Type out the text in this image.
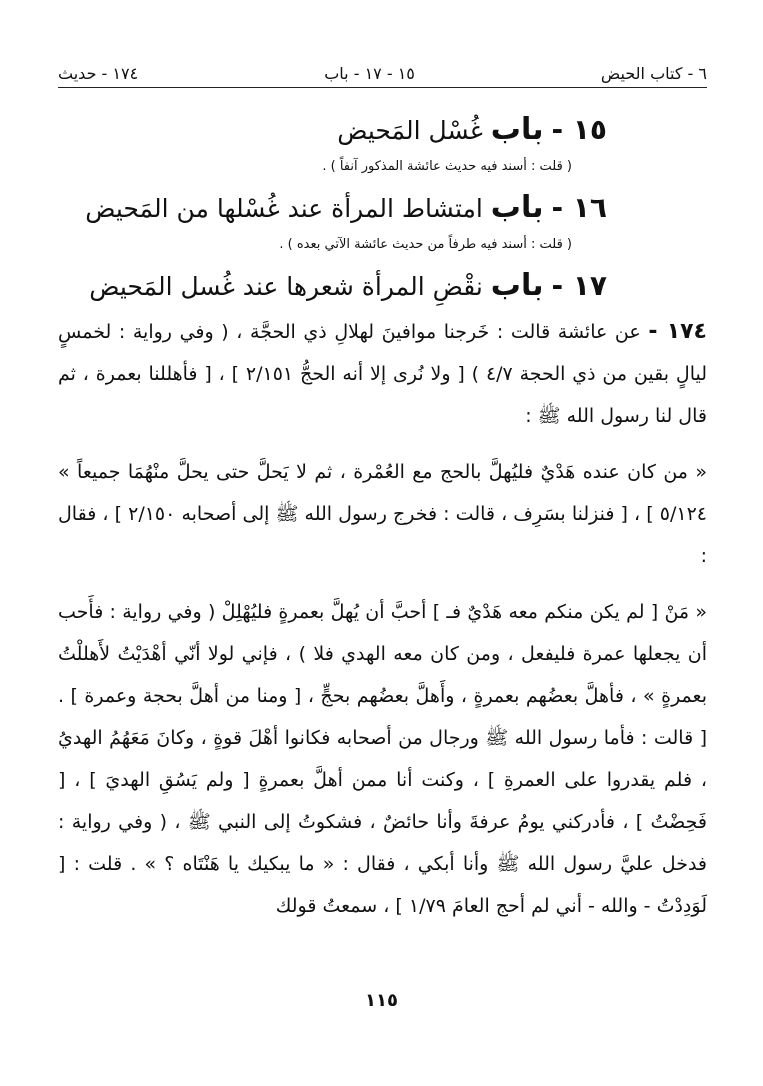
٦ - كتاب الحيض
١٥ - ١٧ - باب
١٧٤ - حديث
١٥ - باب غُسْل المَحيض

( قلت : أسند فيه حديث عائشة المذكور آنفاً ) .

١٦ - باب امتشاط المرأة عند غُسْلها من المَحيض

( قلت : أسند فيه طرفاً من حديث عائشة الآتي بعده ) .

١٧ - باب نقْضِ المرأة شعرها عند غُسل المَحيض

١٧٤ - عن عائشة قالت : خَرجنا موافينَ لهلالِ ذي الحجَّة ، ( وفي رواية : لخمسٍ ليالٍ بقين من ذي الحجة ٤/٧ ) [ ولا نُرى إلا أنه الحجُّ ٢/١٥١ ] ، [ فأهللنا بعمرة ، ثم قال لنا رسول الله ﷺ :

« من كان عنده هَدْيٌ فليُهلَّ بالحج مع العُمْرة ، ثم لا يَحلَّ حتى يحلَّ منْهُمَا جميعاً » ٥/١٢٤ ] ، [ فنزلنا بسَرِف ، قالت : فخرج رسول الله ﷺ إلى أصحابه ٢/١٥٠ ] ، فقال :

« مَنْ [ لم يكن منكم معه هَدْيٌ فـ ] أحبَّ أن يُهلَّ بعمرةٍ فليُهْلِلْ ( وفي رواية : فأَحب أن يجعلها عمرة فليفعل ، ومن كان معه الهدي فلا ) ، فإني لولا أنّي أهْدَيْتُ لأَهللْتُ بعمرةٍ » ، فأهلَّ بعضُهم بعمرةٍ ، وأَهلَّ بعضُهم بحجٍّ ، [ ومنا من أهلَّ بحجة وعمرة ] . [ قالت : فأما رسول الله ﷺ ورجال من أصحابه فكانوا أهْلَ قوةٍ ، وكانَ مَعَهُمُ الهديُ ، فلم يقدروا على العمرةِ ] ، وكنت أنا ممن أهلَّ بعمرةٍ [ ولم يَسُقِ الهديَ ] ، [ فَحِضْتُ ] ، فأدركني يومُ عرفةَ وأنا حائضٌ ، فشكوتُ إلى النبي ﷺ ، ( وفي رواية : فدخل عليَّ رسول الله ﷺ وأنا أبكي ، فقال : « ما يبكيك يا هَنْتَاه ؟ » . قلت : [ لَوَدِدْتُ - والله - أني لم أحج العامَ ١/٧٩ ] ، سمعتُ قولك

١١٥
